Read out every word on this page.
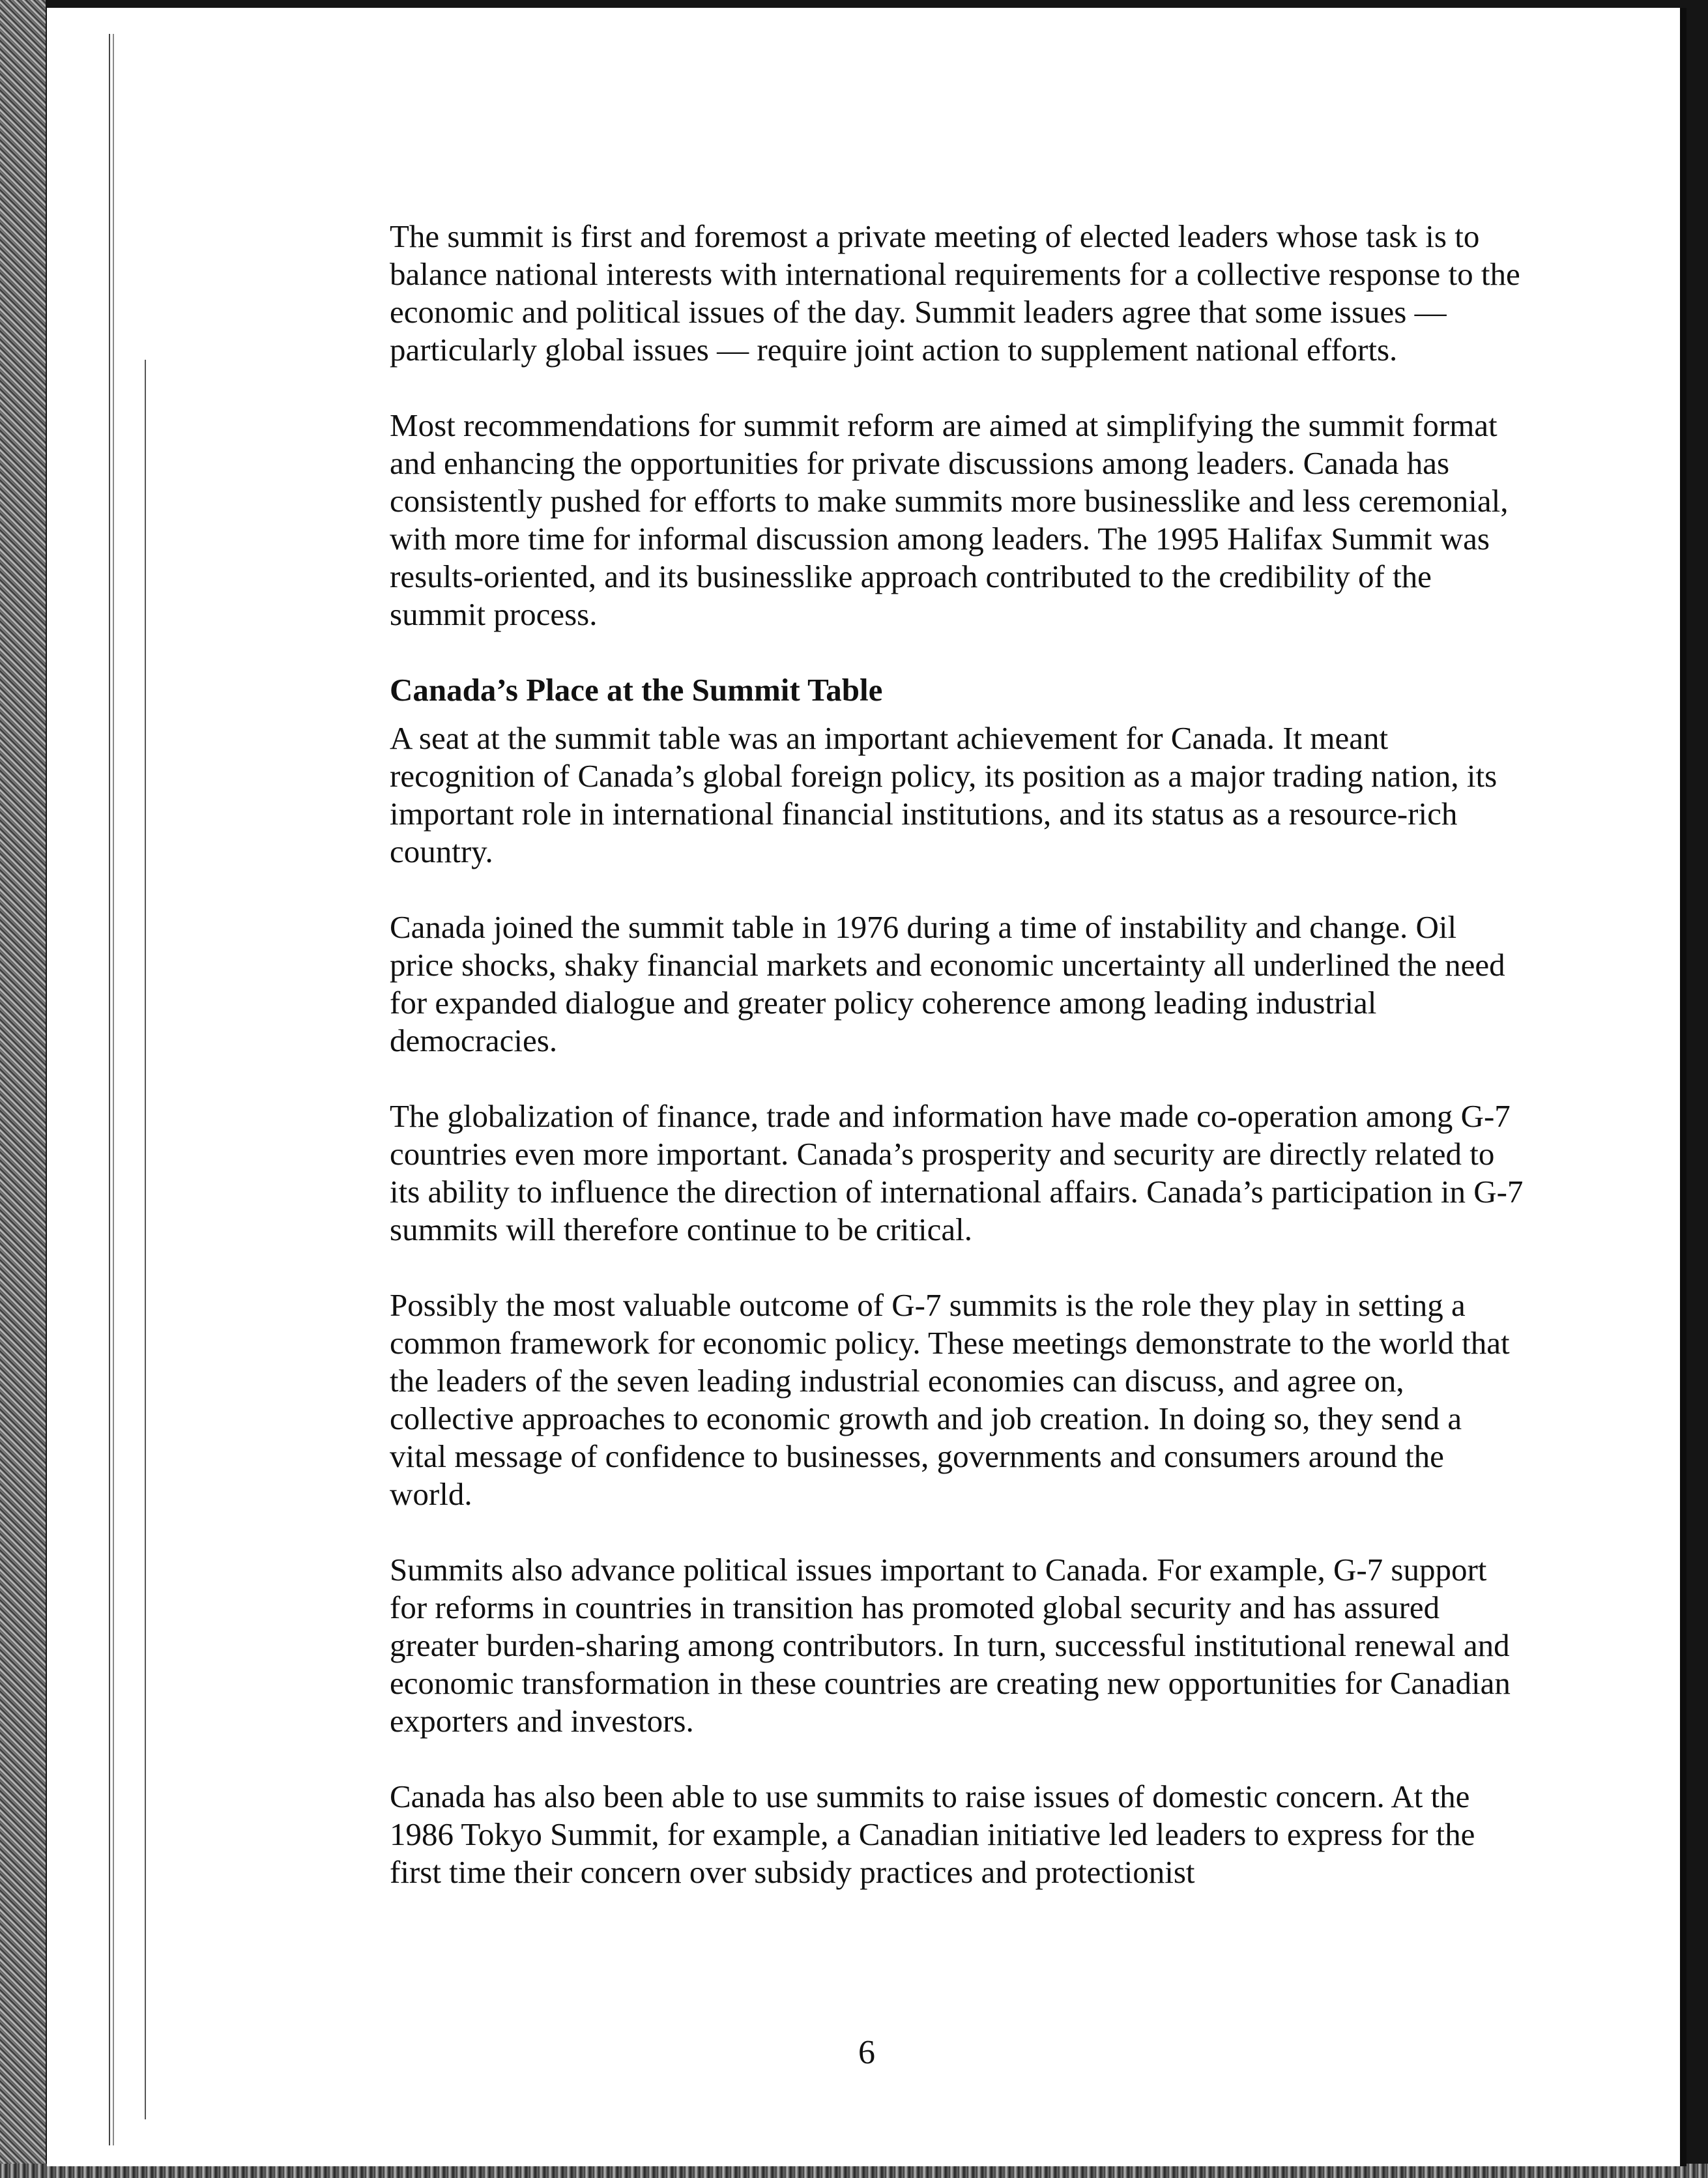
The summit is first and foremost a private meeting of elected leaders whose task is to balance national interests with international requirements for a collective response to the economic and political issues of the day. Summit leaders agree that some issues — particularly global issues — require joint action to supplement national efforts.

Most recommendations for summit reform are aimed at simplifying the summit format and enhancing the opportunities for private discussions among leaders. Canada has consistently pushed for efforts to make summits more businesslike and less ceremonial, with more time for informal discussion among leaders. The 1995 Halifax Summit was results-oriented, and its businesslike approach contributed to the credibility of the summit process.

Canada’s Place at the Summit Table

A seat at the summit table was an important achievement for Canada. It meant recognition of Canada’s global foreign policy, its position as a major trading nation, its important role in international financial institutions, and its status as a resource-rich country.

Canada joined the summit table in 1976 during a time of instability and change. Oil price shocks, shaky financial markets and economic uncertainty all underlined the need for expanded dialogue and greater policy coherence among leading industrial democracies.

The globalization of finance, trade and information have made co-operation among G-7 countries even more important. Canada’s prosperity and security are directly related to its ability to influence the direction of international affairs. Canada’s participation in G-7 summits will therefore continue to be critical.

Possibly the most valuable outcome of G-7 summits is the role they play in setting a common framework for economic policy. These meetings demonstrate to the world that the leaders of the seven leading industrial economies can discuss, and agree on, collective approaches to economic growth and job creation. In doing so, they send a vital message of confidence to businesses, governments and consumers around the world.

Summits also advance political issues important to Canada. For example, G-7 support for reforms in countries in transition has promoted global security and has assured greater burden-sharing among contributors. In turn, successful institutional renewal and economic transformation in these countries are creating new opportunities for Canadian exporters and investors.

Canada has also been able to use summits to raise issues of domestic concern. At the 1986 Tokyo Summit, for example, a Canadian initiative led leaders to express for the first time their concern over subsidy practices and protectionist

6
